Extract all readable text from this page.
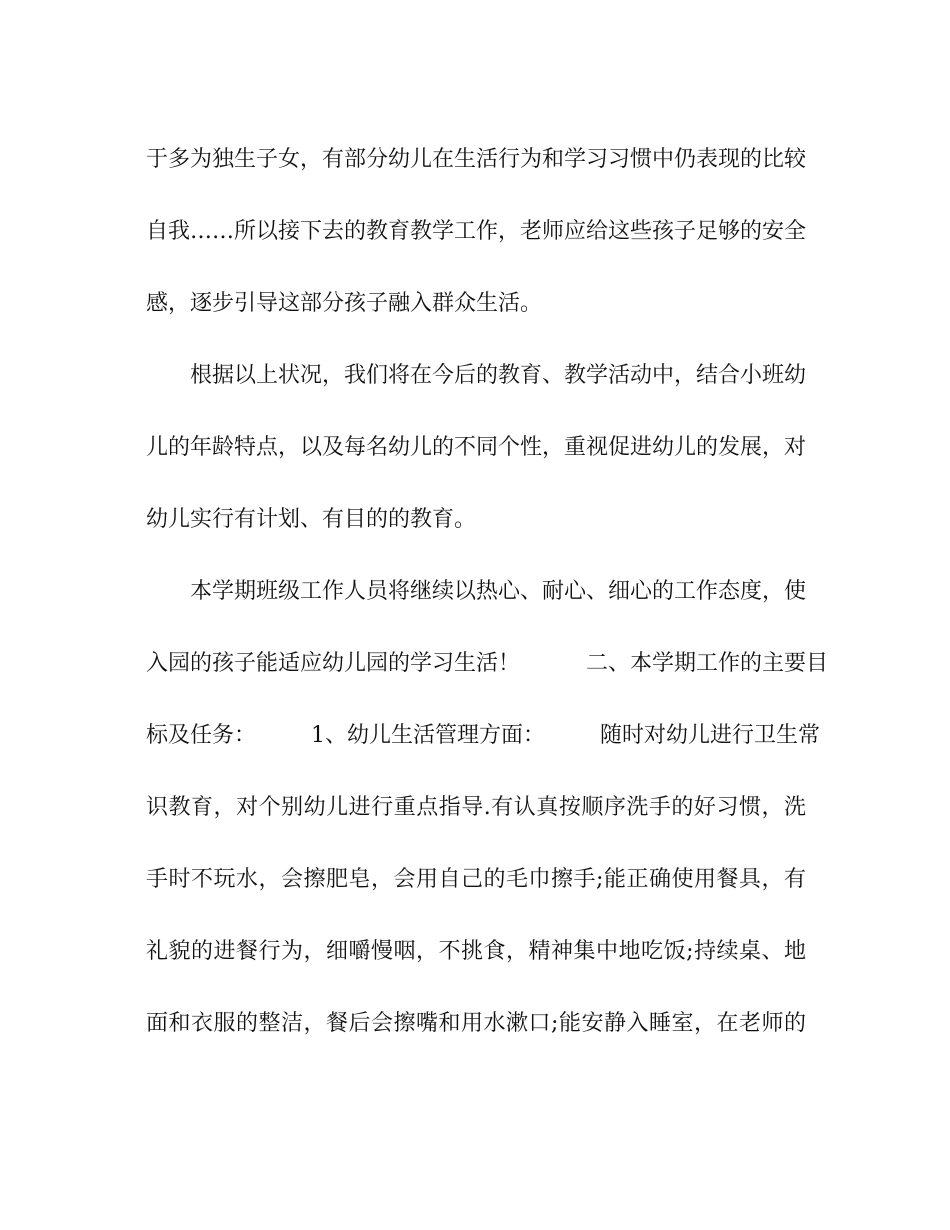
于多为独生子女，有部分幼儿在生活行为和学习习惯中仍表现的比较
自我……所以接下去的教育教学工作，老师应给这些孩子足够的安全
感，逐步引导这部分孩子融入群众生活。
　　根据以上状况，我们将在今后的教育、教学活动中，结合小班幼
儿的年龄特点，以及每名幼儿的不同个性，重视促进幼儿的发展，对
幼儿实行有计划、有目的的教育。
　　本学期班级工作人员将继续以热心、耐心、细心的工作态度，使
入园的孩子能适应幼儿园的学习生活！　　　二、本学期工作的主要目
标及任务：　　　1、幼儿生活管理方面：　　　随时对幼儿进行卫生常
识教育，对个别幼儿进行重点指导.有认真按顺序洗手的好习惯，洗
手时不玩水，会擦肥皂，会用自己的毛巾擦手;能正确使用餐具，有
礼貌的进餐行为，细嚼慢咽，不挑食，精神集中地吃饭;持续桌、地
面和衣服的整洁，餐后会擦嘴和用水漱口;能安静入睡室，在老师的
